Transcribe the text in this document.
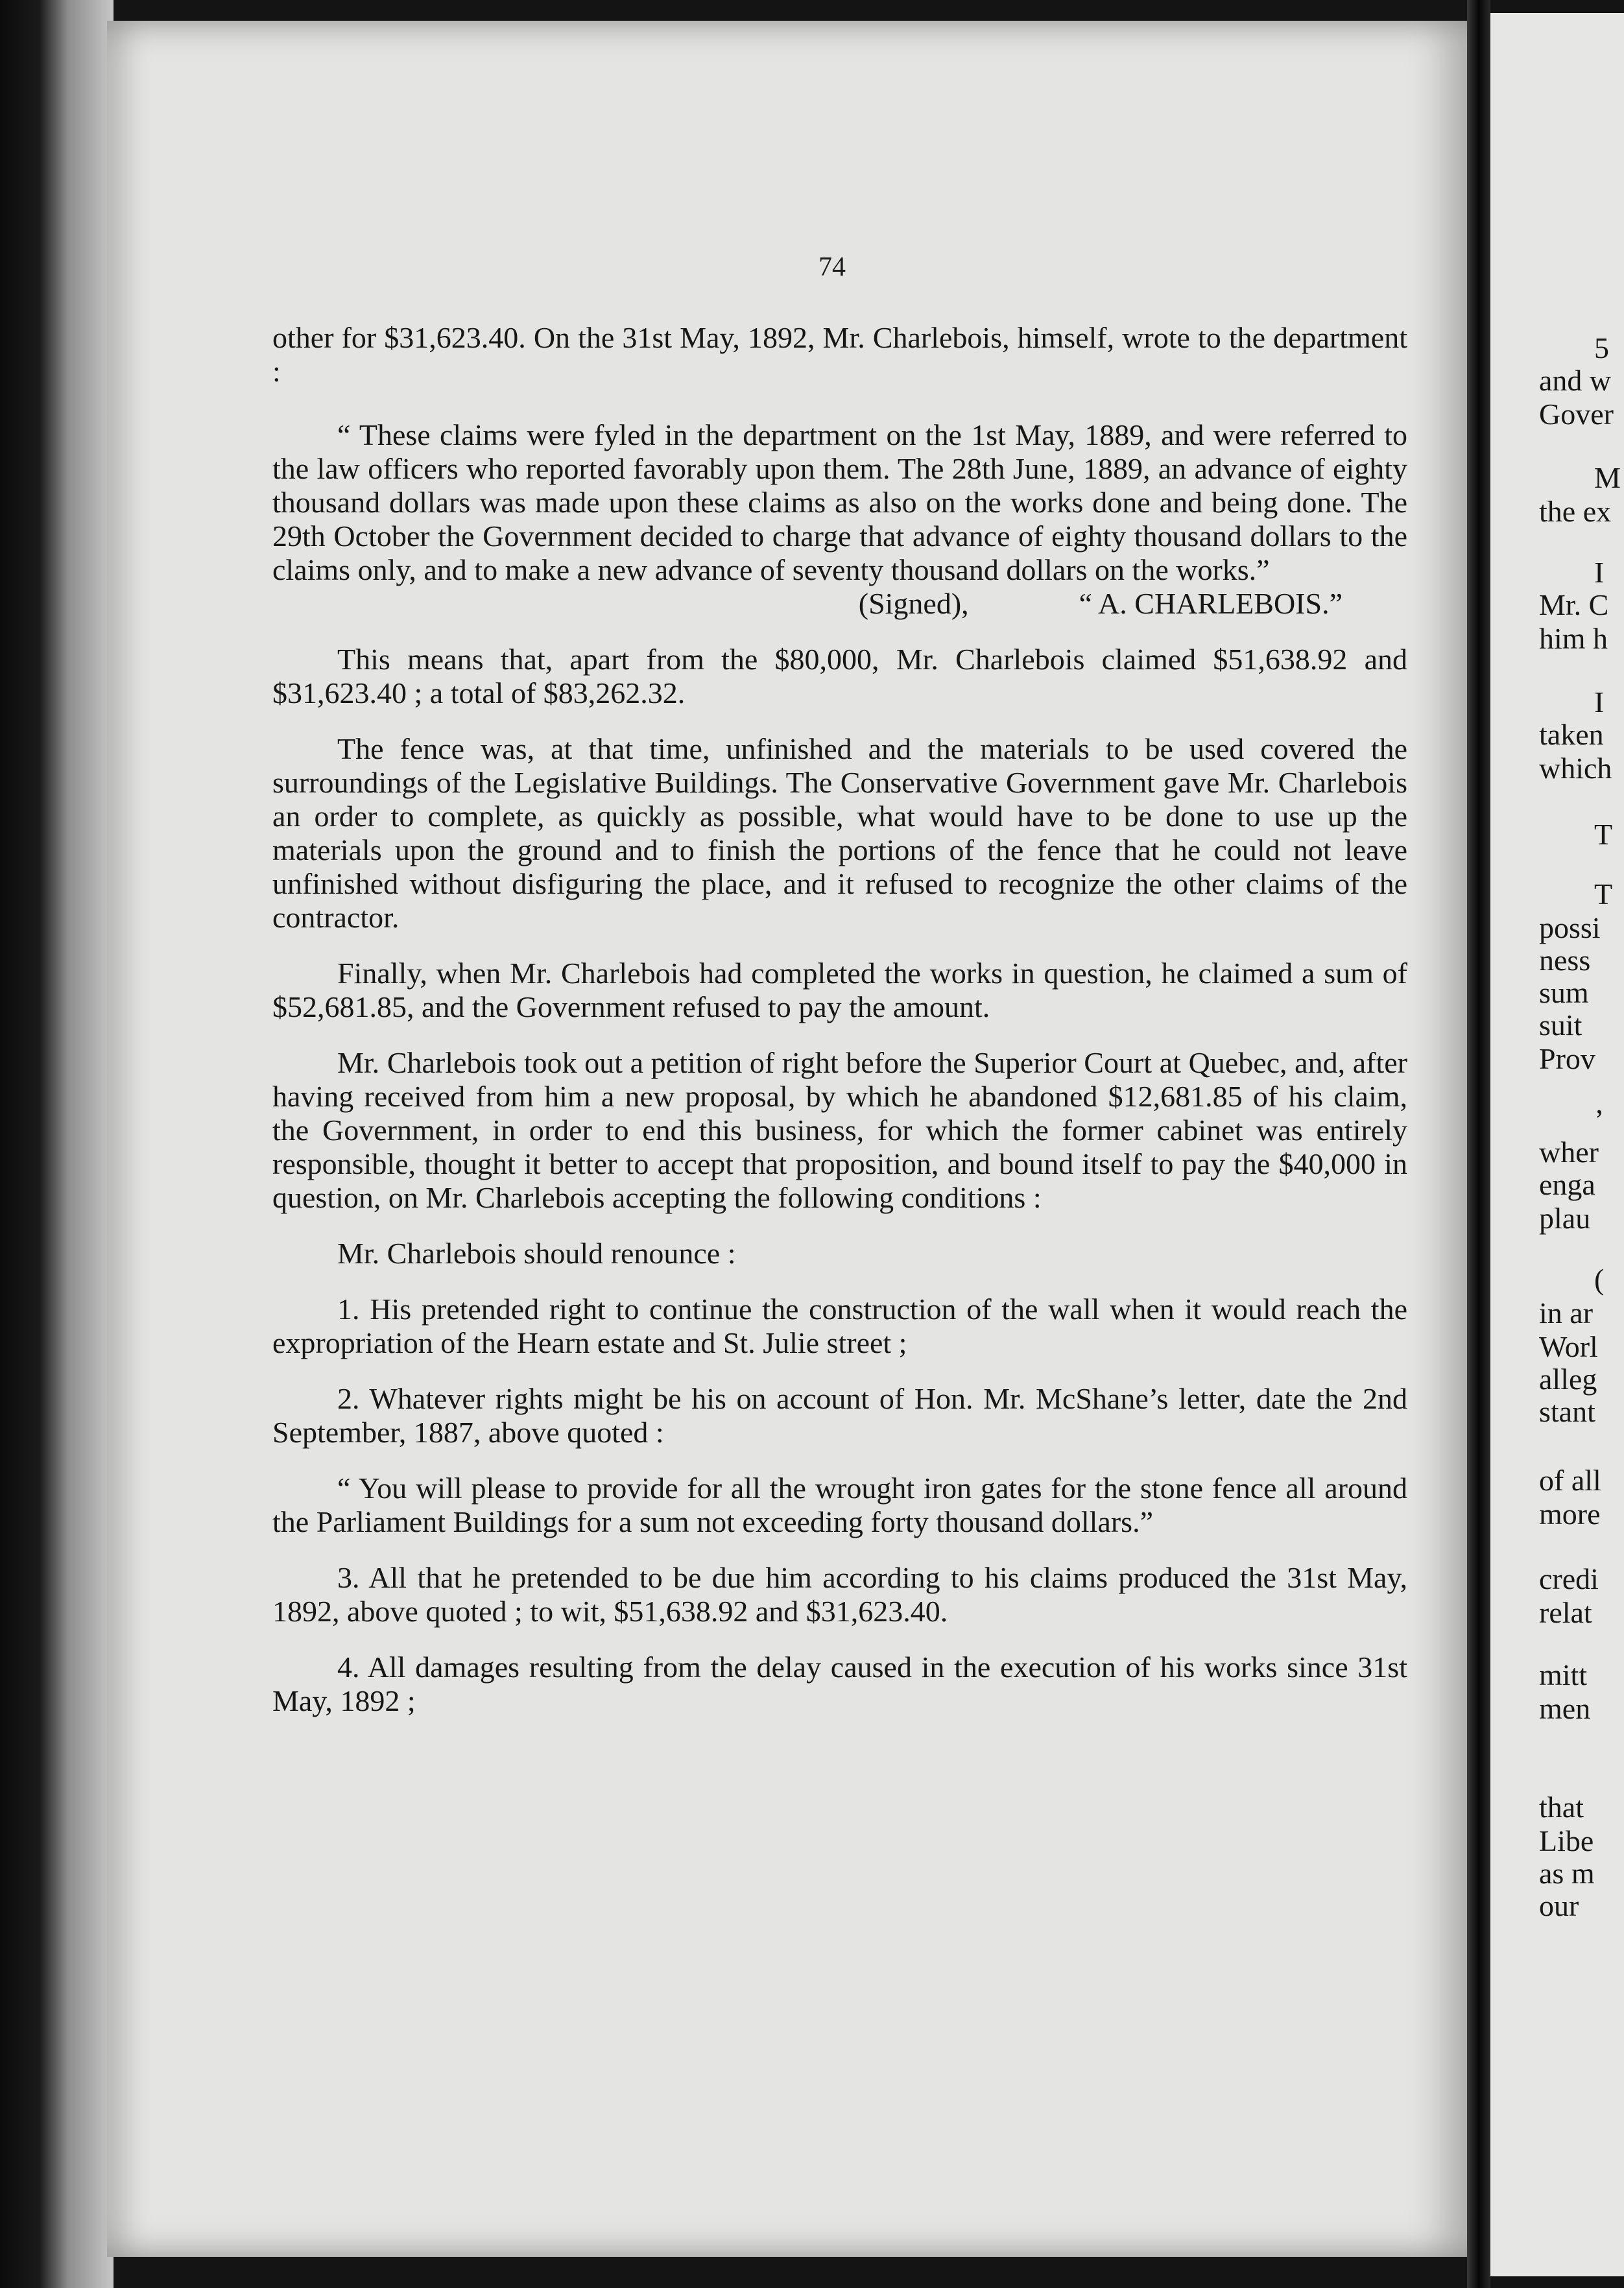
74

other for $31,623.40. On the 31st May, 1892, Mr. Charlebois, himself, wrote to the department :

“ These claims were fyled in the department on the 1st May, 1889, and were referred to the law officers who reported favorably upon them. The 28th June, 1889, an advance of eighty thousand dollars was made upon these claims as also on the works done and being done. The 29th October the Government decided to charge that advance of eighty thousand dollars to the claims only, and to make a new advance of seventy thousand dollars on the works.”

(Signed),	“ A. CHARLEBOIS.”

This means that, apart from the $80,000, Mr. Charlebois claimed $51,638.92 and $31,623.40 ; a total of $83,262.32.

The fence was, at that time, unfinished and the materials to be used covered the surroundings of the Legislative Buildings. The Conservative Government gave Mr. Charlebois an order to complete, as quickly as possible, what would have to be done to use up the materials upon the ground and to finish the portions of the fence that he could not leave unfinished without disfiguring the place, and it refused to recognize the other claims of the contractor.

Finally, when Mr. Charlebois had completed the works in question, he claimed a sum of $52,681.85, and the Government refused to pay the amount.

Mr. Charlebois took out a petition of right before the Superior Court at Quebec, and, after having received from him a new proposal, by which he abandoned $12,681.85 of his claim, the Government, in order to end this business, for which the former cabinet was entirely responsible, thought it better to accept that proposition, and bound itself to pay the $40,000 in question, on Mr. Charlebois accepting the following conditions :

Mr. Charlebois should renounce :

1. His pretended right to continue the construction of the wall when it would reach the expropriation of the Hearn estate and St. Julie street ;

2. Whatever rights might be his on account of Hon. Mr. McShane’s letter, date the 2nd September, 1887, above quoted :

“ You will please to provide for all the wrought iron gates for the stone fence all around the Parliament Buildings for a sum not exceeding forty thousand dollars.”

3. All that he pretended to be due him according to his claims produced the 31st May, 1892, above quoted ; to wit, $51,638.92 and $31,623.40.

4. All damages resulting from the delay caused in the execution of his works since 31st May, 1892 ;

5
and w
Gover
M
the ex
I
Mr. C
him h
I
taken
which
T
T
possi
ness
sum
suit
Prov
’
wher
enga
plau
(
in ar
Worl
alleg
stant
of all
more
credi
relat
mitt
men
that
Libe
as m
our
